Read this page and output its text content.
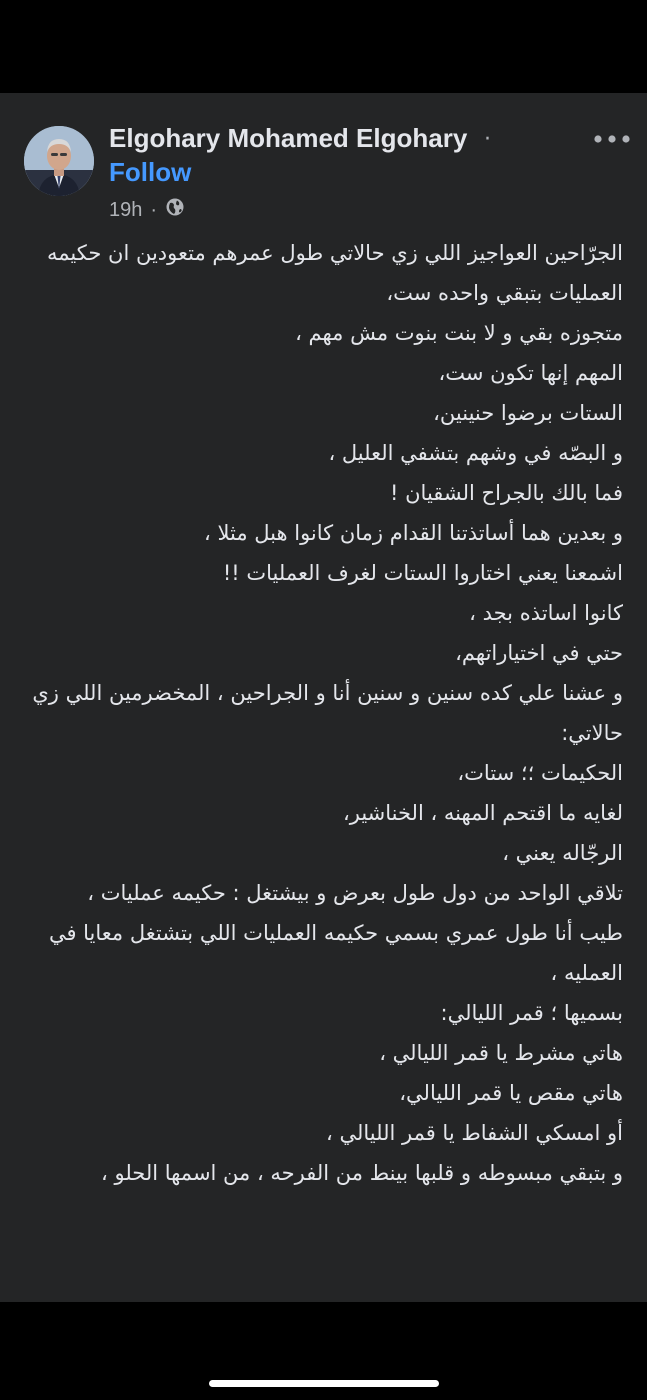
Elgohary Mohamed Elgohary ·
Follow
19h ·

الجرّاحين العواجيز اللي زي حالاتي طول عمرهم متعودين ان حكيمه العمليات بتبقي واحده ست،

متجوزه بقي و لا بنت بنوت مش مهم ،

المهم إنها تكون ست،

الستات برضوا حنينين،

و البصّه في وشهم بتشفي العليل ،

فما بالك بالجراح الشقيان !

و بعدين هما أساتذتنا القدام زمان كانوا هبل مثلا ،

اشمعنا يعني اختاروا الستات لغرف العمليات !!

كانوا اساتذه بجد ،

حتي في اختياراتهم،

و عشنا علي كده سنين و سنين أنا و الجراحين ، المخضرمين اللي زي حالاتي:

الحكيمات ؛؛ ستات،

لغايه ما اقتحم المهنه ، الخناشير،

الرجّاله يعني ،

تلاقي الواحد من دول طول بعرض و بيشتغل : حكيمه عمليات ،

طيب أنا طول عمري بسمي حكيمه العمليات اللي بتشتغل معايا في العمليه ،

بسميها ؛ قمر الليالي:

هاتي مشرط يا قمر الليالي ،

هاتي مقص يا قمر الليالي،

أو امسكي الشفاط يا قمر الليالي ،

و بتبقي مبسوطه و قلبها بينط من الفرحه ، من اسمها الحلو ،
